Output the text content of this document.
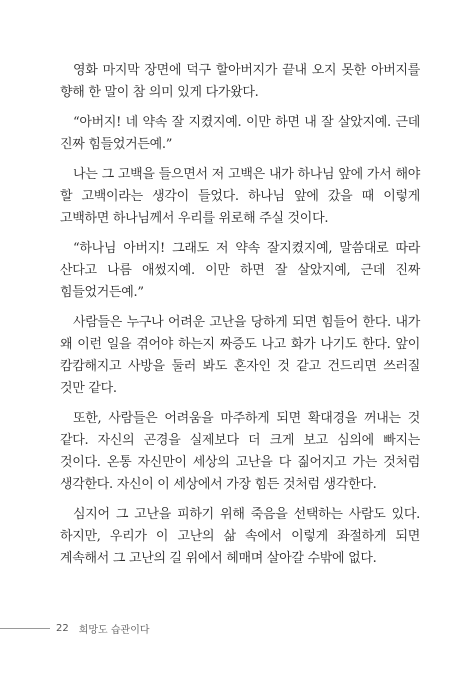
영화 마지막 장면에 덕구 할아버지가 끝내 오지 못한 아버지를 향해 한 말이 참 의미 있게 다가왔다.

“아버지! 네 약속 잘 지켰지예. 이만 하면 내 잘 살았지예. 근데 진짜 힘들었거든예.”

나는 그 고백을 들으면서 저 고백은 내가 하나님 앞에 가서 해야 할 고백이라는 생각이 들었다. 하나님 앞에 갔을 때 이렇게 고백하면 하나님께서 우리를 위로해 주실 것이다.

“하나님 아버지! 그래도 저 약속 잘지켰지예, 말씀대로 따라 산다고 나름 애썼지예. 이만 하면 잘 살았지예, 근데 진짜 힘들었거든예.”

사람들은 누구나 어려운 고난을 당하게 되면 힘들어 한다. 내가 왜 이런 일을 겪어야 하는지 짜증도 나고 화가 나기도 한다. 앞이 캄캄해지고 사방을 둘러 봐도 혼자인 것 같고 건드리면 쓰러질 것만 같다.

또한, 사람들은 어려움을 마주하게 되면 확대경을 꺼내는 것 같다. 자신의 곤경을 실제보다 더 크게 보고 심의에 빠지는 것이다. 온통 자신만이 세상의 고난을 다 짊어지고 가는 것처럼 생각한다. 자신이 이 세상에서 가장 힘든 것처럼 생각한다.

심지어 그 고난을 피하기 위해 죽음을 선택하는 사람도 있다. 하지만, 우리가 이 고난의 삶 속에서 이렇게 좌절하게 되면 계속해서 그 고난의 길 위에서 헤매며 살아갈 수밖에 없다.

22 희망도 습관이다
